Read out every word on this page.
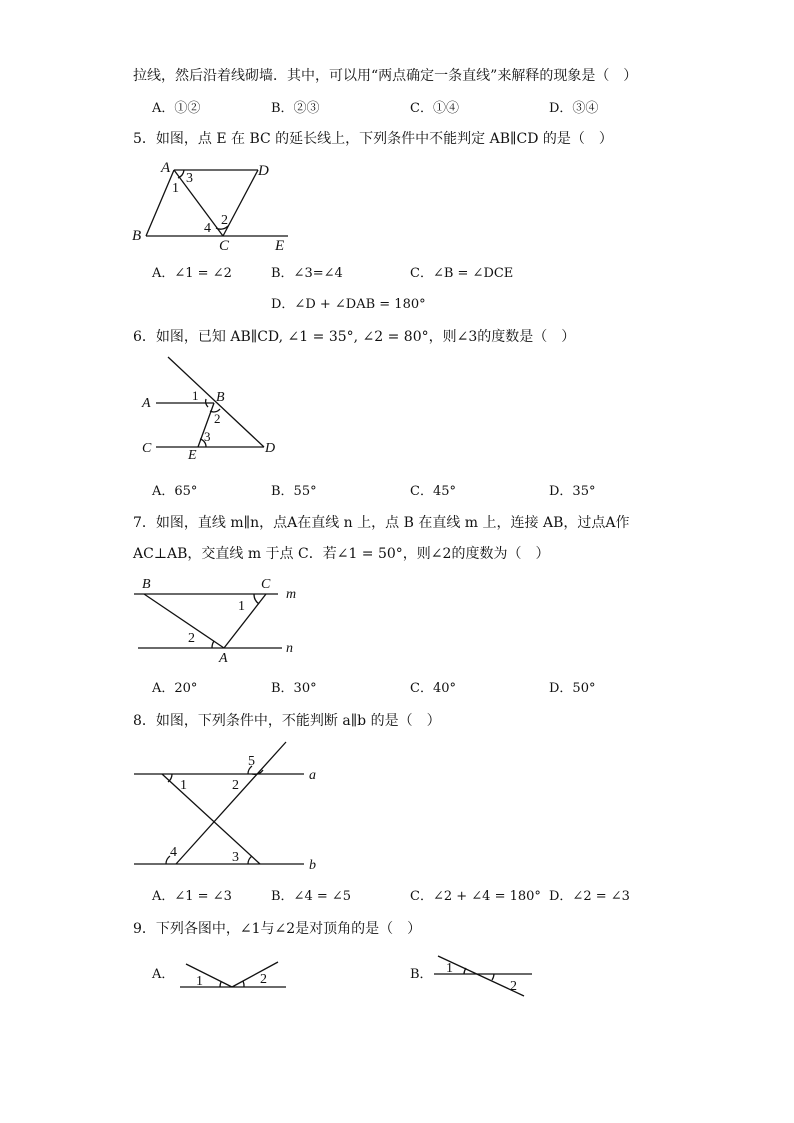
拉线，然后沿着线砌墙．其中，可以用“两点确定一条直线”来解释的现象是（　）
A．①②	B．②③	C．①④	D．③④
5．如图，点 E 在 BC 的延长线上，下列条件中不能判定 AB∥CD 的是（　）
A	D
B
C	E
1
2
3
4
A．∠1 = ∠2	B．∠3=∠4	C．∠B = ∠DCE
D．∠D + ∠DAB = 180°
6．如图，已知 AB∥CD, ∠1 = 35°, ∠2 = 80°，则∠3的度数是（　）
A	B
C	D
E
1
2
3
A．65°	B．55°	C．45°	D．35°
7．如图，直线 m∥n，点A在直线 n 上，点 B 在直线 m 上，连接 AB，过点A作
AC⊥AB，交直线 m 于点 C．若∠1 = 50°，则∠2的度数为（　）
B	C
m
A
n
1
2
A．20°	B．30°	C．40°	D．50°
8．如图，下列条件中，不能判断 a∥b 的是（　）
5
1	2
4	3
a
b
A．∠1 = ∠3	B．∠4 = ∠5	C．∠2 + ∠4 = 180° D．∠2 = ∠3
9．下列各图中，∠1与∠2是对顶角的是（　）
A． 1	2	B． 1
2
